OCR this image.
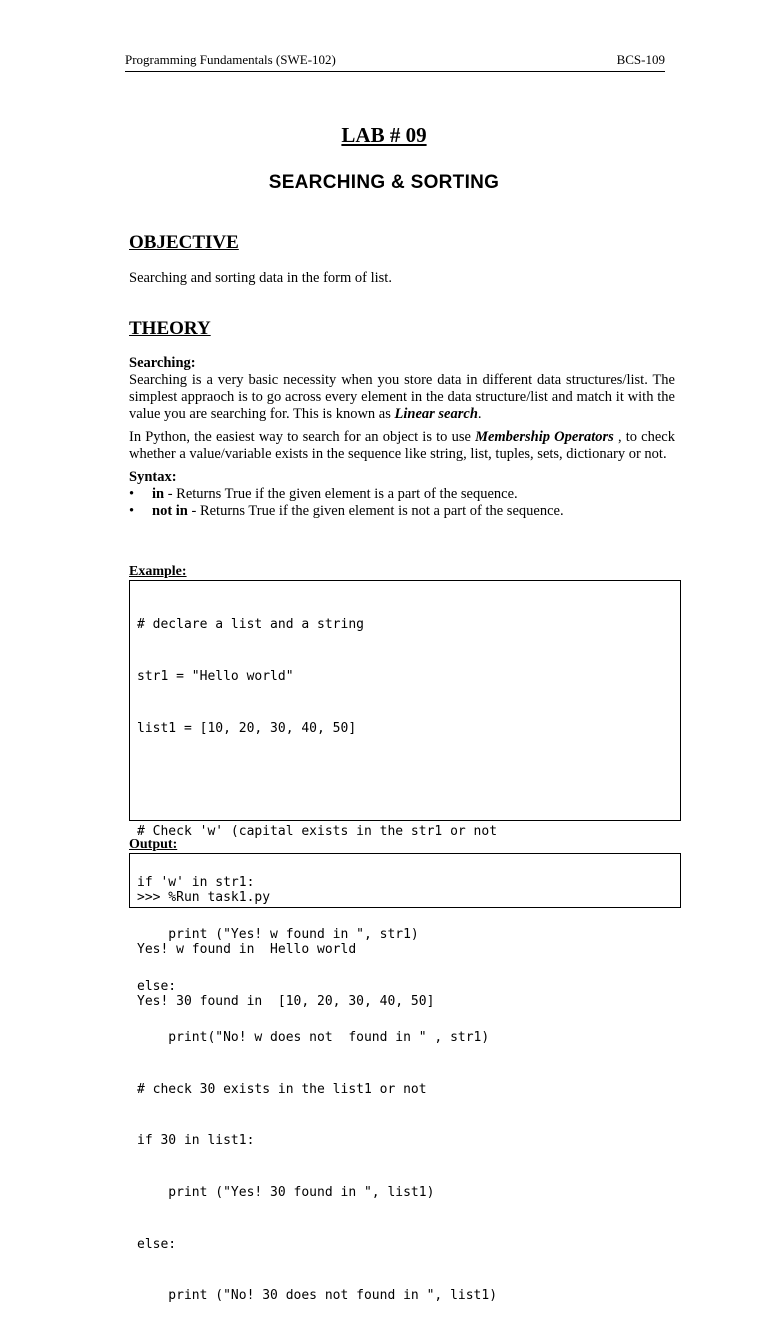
Programming Fundamentals (SWE-102)	BCS-109
LAB # 09
SEARCHING & SORTING
OBJECTIVE
Searching and sorting data in the form of list.
THEORY
Searching:

Searching is a very basic necessity when you store data in different data structures/list. The simplest appraoch is to go across every element in the data structure/list and match it with the value you are searching for. This is known as Linear search.

In Python, the easiest way to search for an object is to use Membership Operators , to check whether a value/variable exists in the sequence like string, list, tuples, sets, dictionary or not.

Syntax:
• in - Returns True if the given element is a part of the sequence.
• not in - Returns True if the given element is not a part of the sequence.
Example:

# declare a list and a string

str1 = "Hello world"

list1 = [10, 20, 30, 40, 50]

# Check 'w' (capital exists in the str1 or not

if 'w' in str1:

print ("Yes! w found in ", str1)

else:

print("No! w does not  found in " , str1)

# check 30 exists in the list1 or not

if 30 in list1:

print ("Yes! 30 found in ", list1)

else:

print ("No! 30 does not found in ", list1)

Output:

>>> %Run task1.py

Yes! w found in  Hello world

Yes! 30 found in  [10, 20, 30, 40, 50]
